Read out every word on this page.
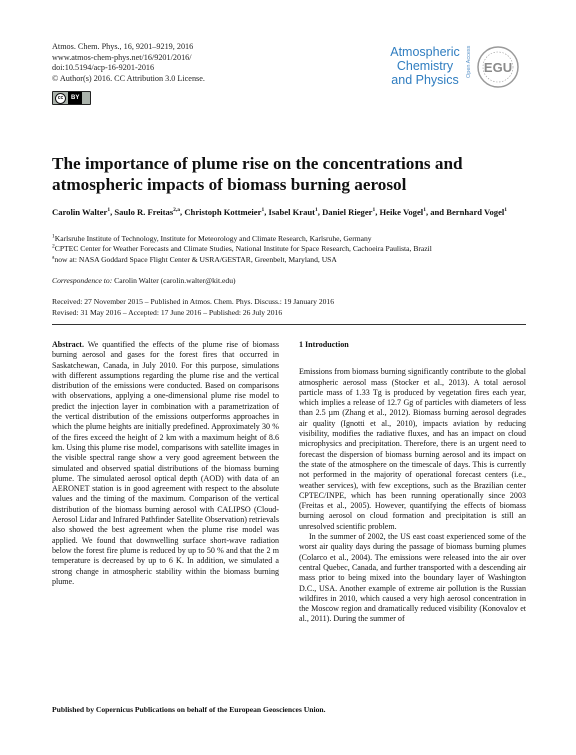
Atmos. Chem. Phys., 16, 9201–9219, 2016
www.atmos-chem-phys.net/16/9201/2016/
doi:10.5194/acp-16-9201-2016
© Author(s) 2016. CC Attribution 3.0 License.
cc	BY
Atmospheric
Chemistry
and Physics
Open Access EGU
The importance of plume rise on the concentrations and
atmospheric impacts of biomass burning aerosol
Carolin Walter$^1$, Saulo R. Freitas$^{2,a}$, Christoph Kottmeier$^1$, Isabel Kraut$^1$, Daniel Rieger$^1$, Heike Vogel$^1$, and Bernhard Vogel$^1$
$^1$Karlsruhe Institute of Technology, Institute for Meteorology and Climate Research, Karlsruhe, Germany
$^2$CPTEC Center for Weather Forecasts and Climate Studies, National Institute for Space Research, Cachoeira Paulista, Brazil
$^a$now at: NASA Goddard Space Flight Center & USRA/GESTAR, Greenbelt, Maryland, USA
Correspondence to: Carolin Walter (carolin.walter@kit.edu)
Received: 27 November 2015 – Published in Atmos. Chem. Phys. Discuss.: 19 January 2016
Revised: 31 May 2016 – Accepted: 17 June 2016 – Published: 26 July 2016

Abstract. We quantified the effects of the plume rise of biomass burning aerosol and gases for the forest fires that occurred in Saskatchewan, Canada, in July 2010. For this purpose, simulations with different assumptions regarding the plume rise and the vertical distribution of the emissions were conducted. Based on comparisons with observations, applying a one-dimensional plume rise model to predict the injection layer in combination with a parametrization of the vertical distribution of the emissions outperforms approaches in which the plume heights are initially predefined. Approximately 30 % of the fires exceed the height of 2 km with a maximum height of 8.6 km. Using this plume rise model, comparisons with satellite images in the visible spectral range show a very good agreement between the simulated and observed spatial distributions of the biomass burning plume. The simulated aerosol optical depth (AOD) with data of an AERONET station is in good agreement with respect to the absolute values and the timing of the maximum. Comparison of the vertical distribution of the biomass burning aerosol with CALIPSO (Cloud-Aerosol Lidar and Infrared Pathfinder Satellite Observation) retrievals also showed the best agreement when the plume rise model was applied. We found that downwelling surface short-wave radiation below the forest fire plume is reduced by up to 50 % and that the 2 m temperature is decreased by up to 6 K. In addition, we simulated a strong change in atmospheric stability within the biomass burning plume.

1 Introduction

Emissions from biomass burning significantly contribute to the global atmospheric aerosol mass (Stocker et al., 2013). A total aerosol particle mass of 1.33 Tg is produced by vegetation fires each year, which implies a release of 12.7 Gg of particles with diameters of less than 2.5 µm (Zhang et al., 2012). Biomass burning aerosol degrades air quality (Ignotti et al., 2010), impacts aviation by reducing visibility, modifies the radiative fluxes, and has an impact on cloud microphysics and precipitation. Therefore, there is an urgent need to forecast the dispersion of biomass burning aerosol and its impact on the state of the atmosphere on the timescale of days. This is currently not performed in the majority of operational forecast centers (i.e., weather services), with few exceptions, such as the Brazilian center CPTEC/INPE, which has been running operationally since 2003 (Freitas et al., 2005). However, quantifying the effects of biomass burning aerosol on cloud formation and precipitation is still an unresolved scientific problem.

In the summer of 2002, the US east coast experienced some of the worst air quality days during the passage of biomass burning plumes (Colarco et al., 2004). The emissions were released into the air over central Quebec, Canada, and further transported with a descending air mass prior to being mixed into the boundary layer of Washington D.C., USA. Another example of extreme air pollution is the Russian wildfires in 2010, which caused a very high aerosol concentration in the Moscow region and dramatically reduced visibility (Konovalov et al., 2011). During the summer of

Published by Copernicus Publications on behalf of the European Geosciences Union.
